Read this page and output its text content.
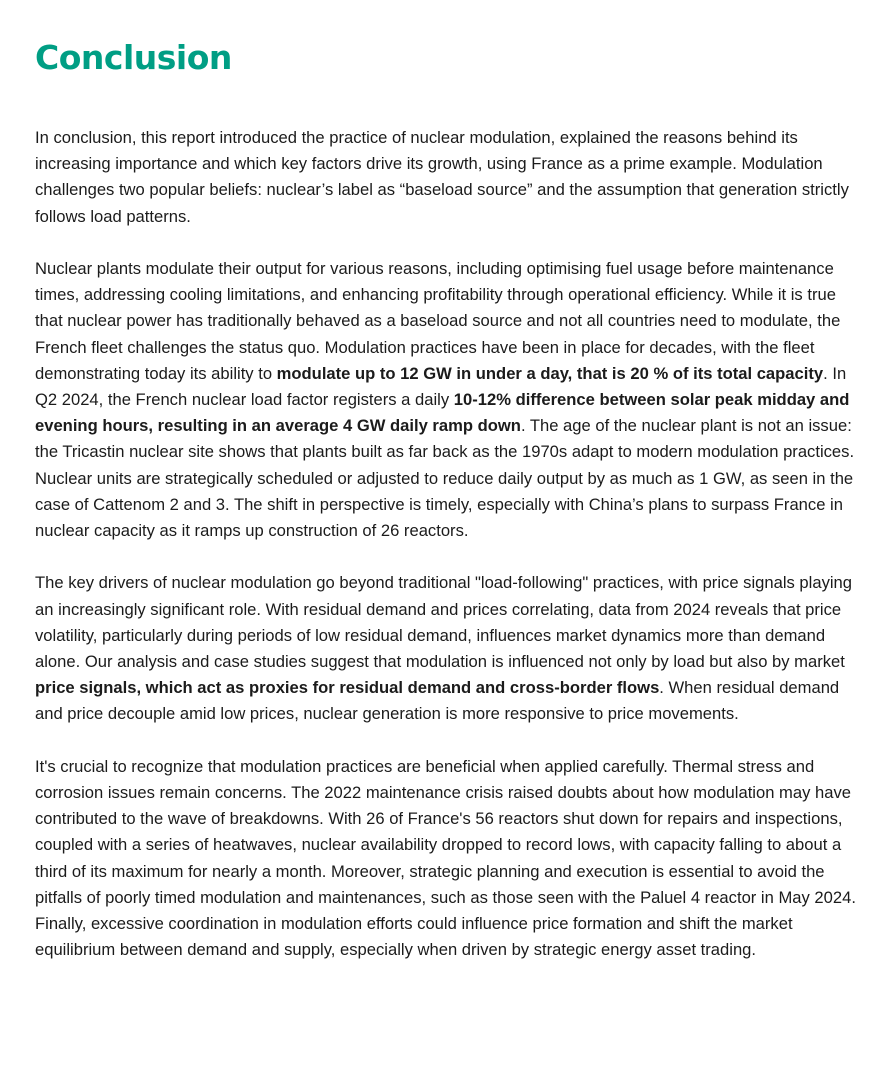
Conclusion

In conclusion, this report introduced the practice of nuclear modulation, explained the reasons behind its increasing importance and which key factors drive its growth, using France as a prime example. Modulation challenges two popular beliefs: nuclear’s label as “baseload source” and the assumption that generation strictly follows load patterns.

Nuclear plants modulate their output for various reasons, including optimising fuel usage before maintenance times, addressing cooling limitations, and enhancing profitability through operational efficiency. While it is true that nuclear power has traditionally behaved as a baseload source and not all countries need to modulate, the French fleet challenges the status quo. Modulation practices have been in place for decades, with the fleet demonstrating today its ability to modulate up to 12 GW in under a day, that is 20 % of its total capacity. In Q2 2024, the French nuclear load factor registers a daily 10-12% difference between solar peak midday and evening hours, resulting in an average 4 GW daily ramp down. The age of the nuclear plant is not an issue: the Tricastin nuclear site shows that plants built as far back as the 1970s adapt to modern modulation practices. Nuclear units are strategically scheduled or adjusted to reduce daily output by as much as 1 GW, as seen in the case of Cattenom 2 and 3. The shift in perspective is timely, especially with China’s plans to surpass France in nuclear capacity as it ramps up construction of 26 reactors.

The key drivers of nuclear modulation go beyond traditional "load-following" practices, with price signals playing an increasingly significant role. With residual demand and prices correlating, data from 2024 reveals that price volatility, particularly during periods of low residual demand, influences market dynamics more than demand alone. Our analysis and case studies suggest that modulation is influenced not only by load but also by market price signals, which act as proxies for residual demand and cross-border flows. When residual demand and price decouple amid low prices, nuclear generation is more responsive to price movements.

It's crucial to recognize that modulation practices are beneficial when applied carefully. Thermal stress and corrosion issues remain concerns. The 2022 maintenance crisis raised doubts about how modulation may have contributed to the wave of breakdowns. With 26 of France's 56 reactors shut down for repairs and inspections, coupled with a series of heatwaves, nuclear availability dropped to record lows, with capacity falling to about a third of its maximum for nearly a month. Moreover, strategic planning and execution is essential to avoid the pitfalls of poorly timed modulation and maintenances, such as those seen with the Paluel 4 reactor in May 2024. Finally, excessive coordination in modulation efforts could influence price formation and shift the market equilibrium between demand and supply, especially when driven by strategic energy asset trading.
